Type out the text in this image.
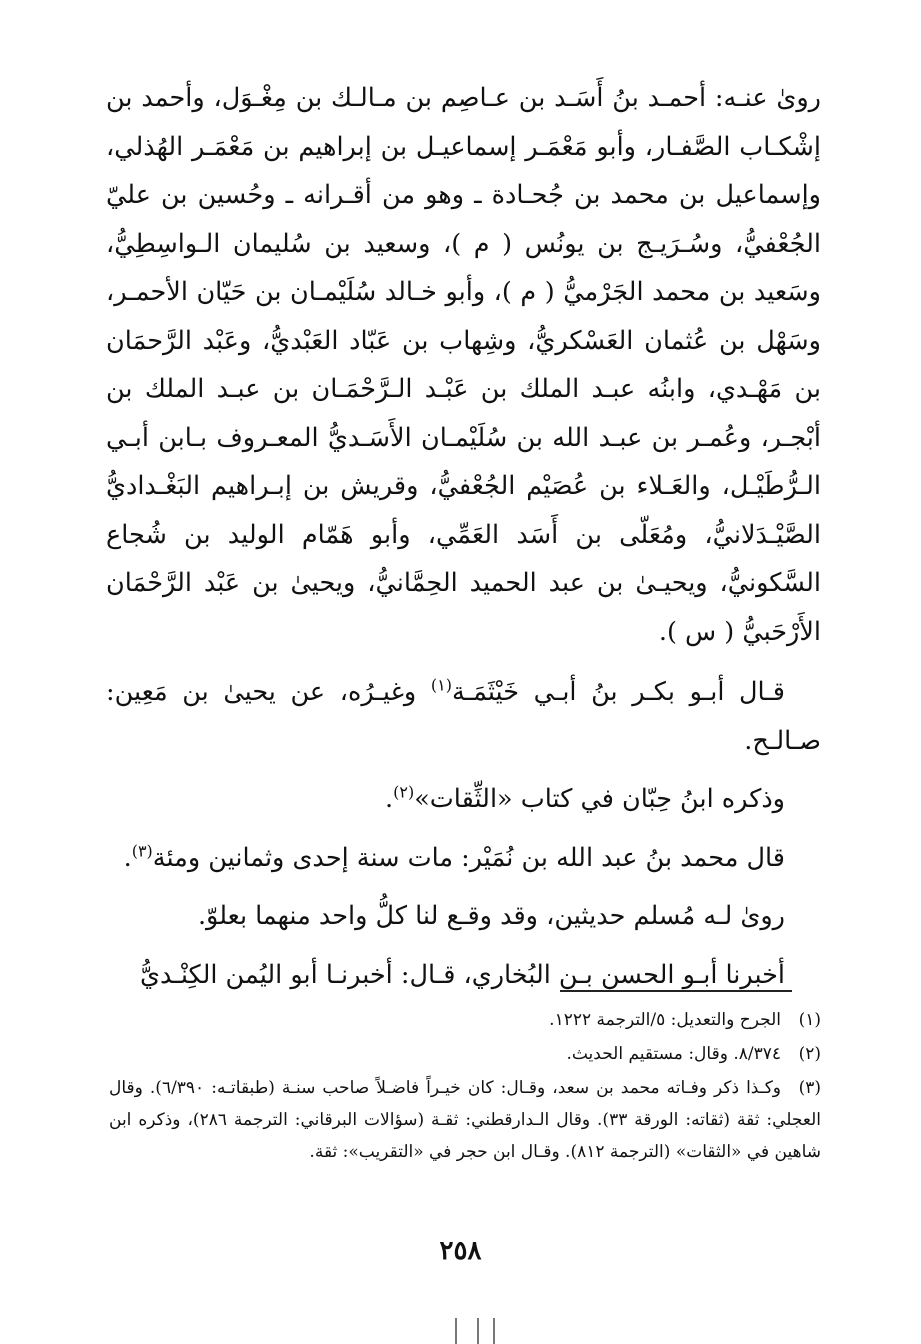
رویٰ عنـه: أحمـد بنُ أَسَـد بن عـاصِم بن مـالـك بن مِغْـوَل، وأحمد بن إشْكـاب الصَّفـار، وأبو مَعْمَـر إسماعيـل بن إبراهيم بن مَعْمَـر الهُذلي، وإسماعيل بن محمد بن جُحـادة ـ وهو من أقـرانه ـ وحُسين بن عليّ الجُعْفيُّ، وسُـرَيـج بن يونُس ( م )، وسعيد بن سُليمان الـواسِطِيُّ، وسَعيد بن محمد الجَرْميُّ ( م )، وأبو خـالد سُلَيْمـان بن حَيّان الأحمـر، وسَهْل بن عُثمان العَسْكريُّ، وشِهاب بن عَبّاد العَبْديُّ، وعَبْد الرَّحمَان بن مَهْـدي، وابنُه عبـد الملك بن عَبْـد الـرَّحْمَـان بن عبـد الملك بن أبْجـر، وعُمـر بن عبـد الله بن سُلَيْمـان الأَسَـديُّ المعـروف بـابن أبـي الـرُّطَيْـل، والعَـلاء بن عُصَيْم الجُعْفيُّ، وقريش بن إبـراهيم البَغْـداديُّ الصَّيْـدَلانيُّ، ومُعَلّى بن أَسَد العَمِّي، وأبو هَمّام الوليد بن شُجاع السَّكونيُّ، ويحيـىٰ بن عبد الحميد الحِمَّانيُّ، ويحيىٰ بن عَبْد الرَّحْمَان الأَرْحَبيُّ ( س ).

قـال أبـو بكـر بنُ أبـي خَيْثَمَـة$^{(١)}$ وغيـرُه، عن يحيىٰ بن مَعِين: صـالـح.

وذكره ابنُ حِبّان في كتاب «الثِّقات»$^{(٢)}$.

قال محمد بنُ عبد الله بن نُمَيْر: مات سنة إحدى وثمانين ومئة$^{(٣)}$.

رویٰ لـه مُسلم حديثين، وقد وقـع لنا كلُّ واحد منهما بعلوّ.

أخبرنا أبـو الحسن بـن البُخاري، قـال: أخبرنـا أبو اليُمن الكِنْـديُّ

(١)الجرح والتعديل: ٥/الترجمة ١٢٢٢.

(٢)٨/٣٧٤. وقال: مستقيم الحديث.

(٣)وكـذا ذكر وفـاته محمد بن سعد، وقـال: كان خيـراً فاضـلاً صاحب سنـة (طبقاتـه: ٦/٣٩٠). وقال العجلي: ثقة (ثقاته: الورقة ٣٣). وقال الـدارقطني: ثقـة (سؤالات البرقاني: الترجمة ٢٨٦)، وذكره ابن شاهين في «الثقات» (الترجمة ٨١٢). وقـال ابن حجر في «التقريب»: ثقة.

٢٥٨
